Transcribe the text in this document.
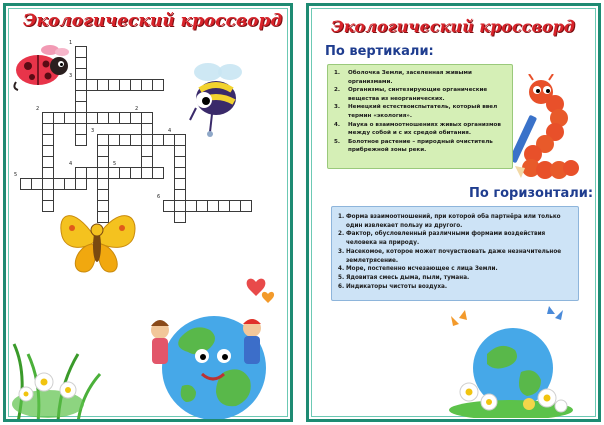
Экологический кроссворд
1
2
3	4
5
6
2
3
4	5
Экологический кроссворд
По вертикали:
1.	Оболочка Земли, заселенная живыми организмами.
2.	Организмы, синтезирующие органические вещества из неорганических.
3.	Немецкий естествоиспытатель, который ввел термин «экология».
4.	Наука о взаимоотношениях живых организмов между собой и с их средой обитания.
5.	Болотное растение – природный очиститель прибрежной зоны реки.
По горизонтали:
1. Форма взаимоотношений, при которой оба партнёра или только один извлекает пользу из другого.
2. Фактор, обусловленный различными формами воздействия человека на природу.
3. Насекомое, которое может почувствовать даже незначительное землетрясение.
4. Море, постепенно исчезающее с лица Земли.
5. Ядовитая смесь дыма, пыли, тумана.
6. Индикаторы чистоты воздуха.
